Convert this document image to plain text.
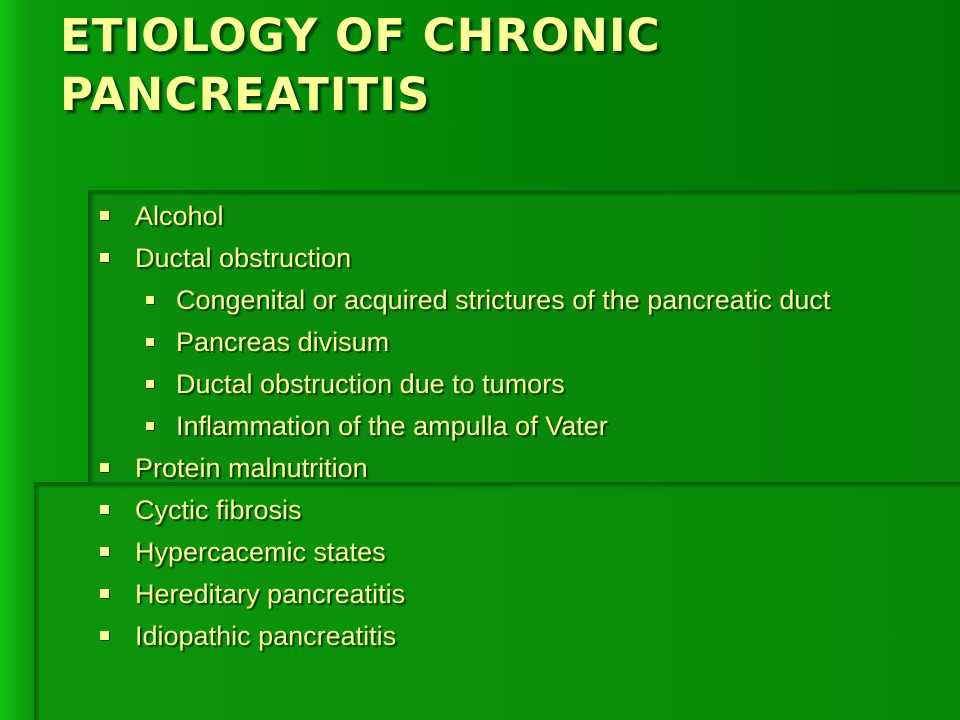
ETIOLOGY OF CHRONIC PANCREATITIS
Alcohol
Ductal obstruction
Congenital or acquired strictures of the pancreatic duct
Pancreas divisum
Ductal obstruction due to tumors
Inflammation of the ampulla of Vater
Protein malnutrition
Cyctic fibrosis
Hypercacemic states
Hereditary pancreatitis
Idiopathic pancreatitis
